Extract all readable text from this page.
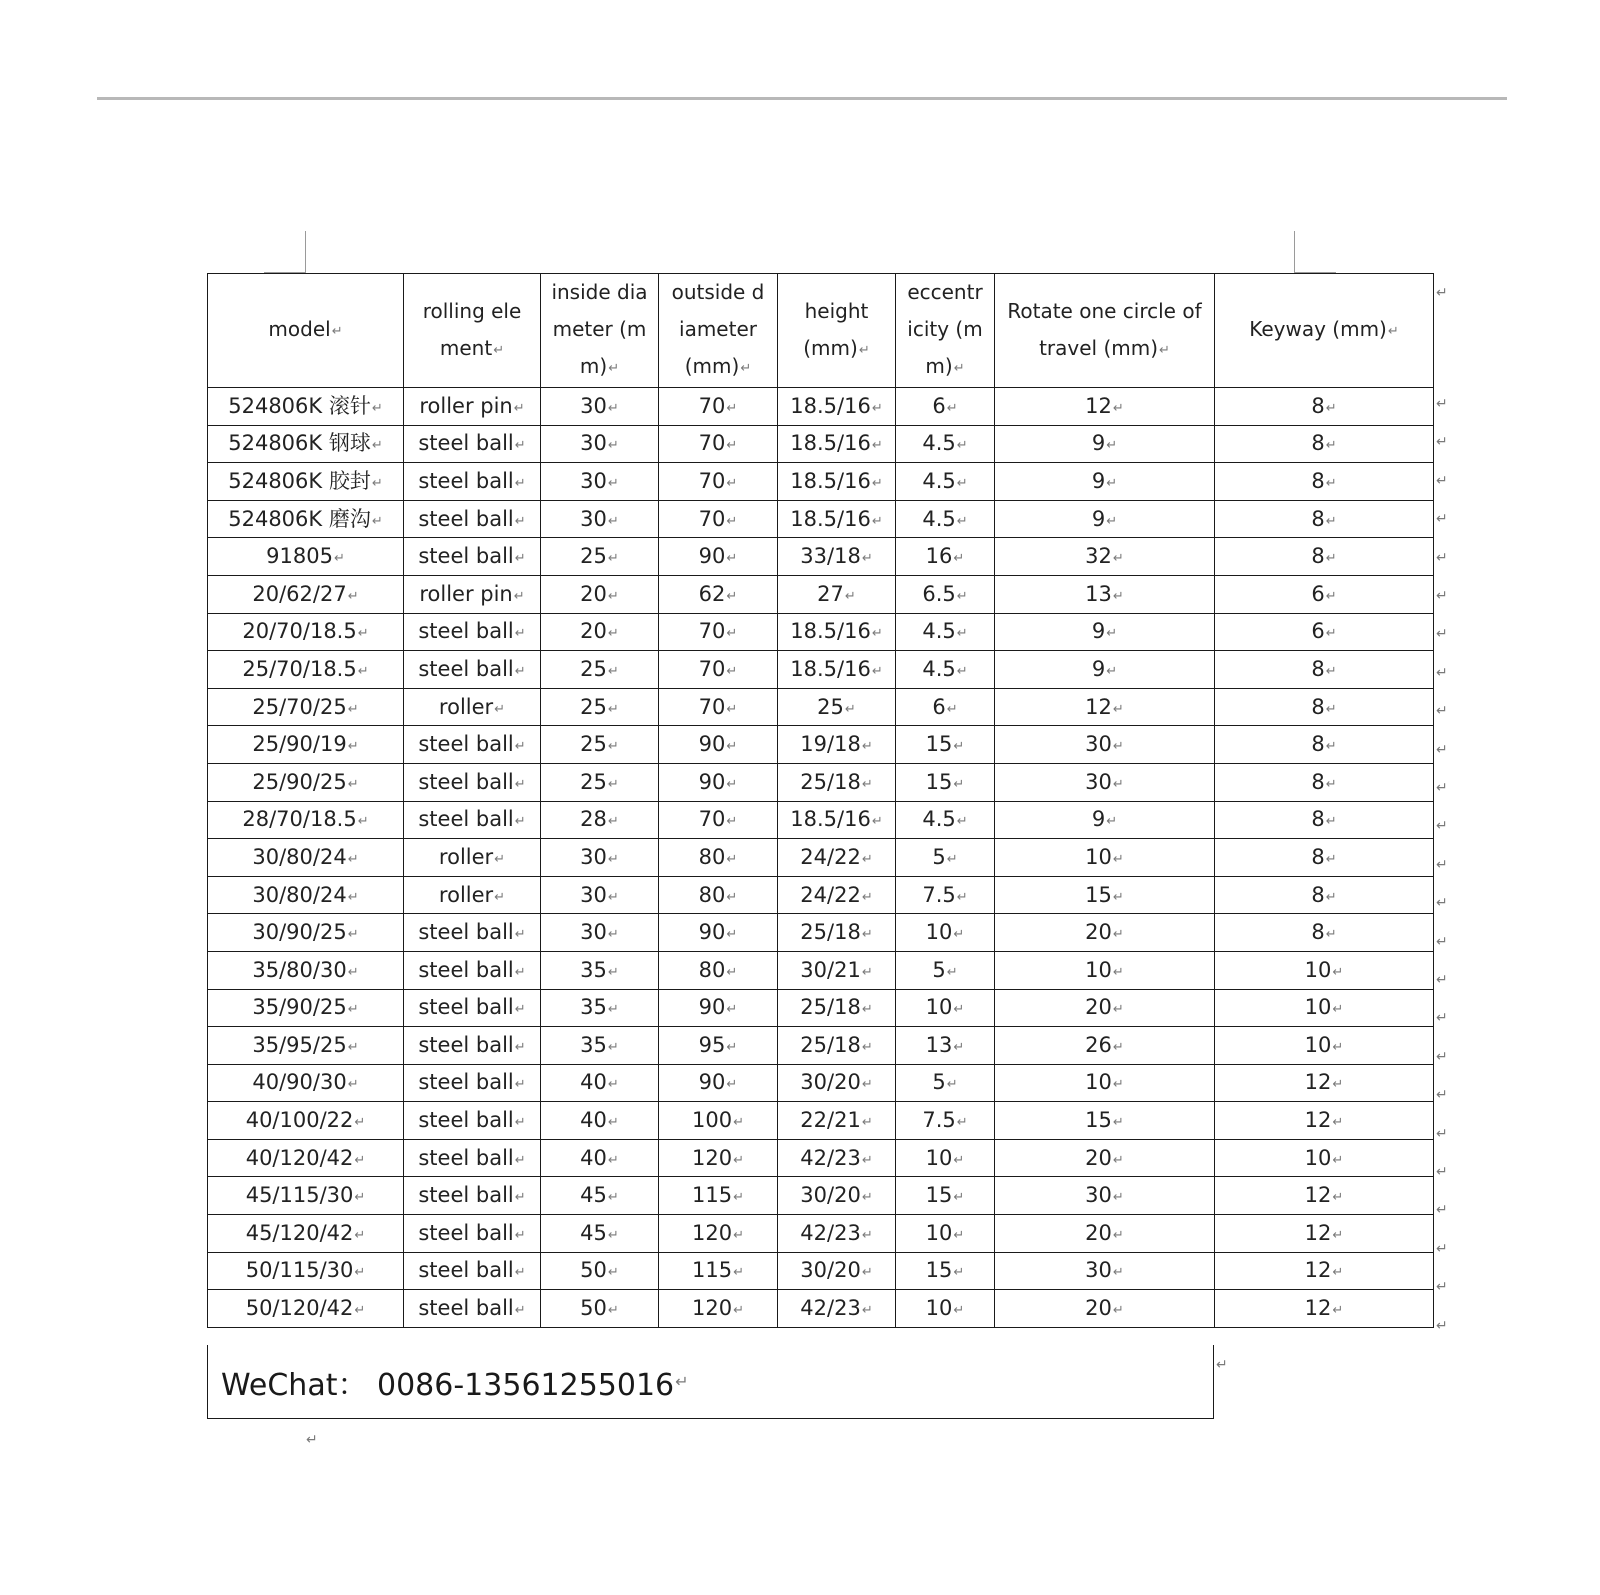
model↵	rolling element↵	inside diameter (mm)↵	outside diameter (mm)↵	height (mm)↵	eccentricity (mm)↵	Rotate one circle of travel (mm)↵	Keyway (mm)↵
524806K 滚针↵	roller pin↵	30↵	70↵	18.5/16↵	6↵	12↵	8↵
524806K 钢球↵	steel ball↵	30↵	70↵	18.5/16↵	4.5↵	9↵	8↵
524806K 胶封↵	steel ball↵	30↵	70↵	18.5/16↵	4.5↵	9↵	8↵
524806K 磨沟↵	steel ball↵	30↵	70↵	18.5/16↵	4.5↵	9↵	8↵
91805↵	steel ball↵	25↵	90↵	33/18↵	16↵	32↵	8↵
20/62/27↵	roller pin↵	20↵	62↵	27↵	6.5↵	13↵	6↵
20/70/18.5↵	steel ball↵	20↵	70↵	18.5/16↵	4.5↵	9↵	6↵
25/70/18.5↵	steel ball↵	25↵	70↵	18.5/16↵	4.5↵	9↵	8↵
25/70/25↵	roller↵	25↵	70↵	25↵	6↵	12↵	8↵
25/90/19↵	steel ball↵	25↵	90↵	19/18↵	15↵	30↵	8↵
25/90/25↵	steel ball↵	25↵	90↵	25/18↵	15↵	30↵	8↵
28/70/18.5↵	steel ball↵	28↵	70↵	18.5/16↵	4.5↵	9↵	8↵
30/80/24↵	roller↵	30↵	80↵	24/22↵	5↵	10↵	8↵
30/80/24↵	roller↵	30↵	80↵	24/22↵	7.5↵	15↵	8↵
30/90/25↵	steel ball↵	30↵	90↵	25/18↵	10↵	20↵	8↵
35/80/30↵	steel ball↵	35↵	80↵	30/21↵	5↵	10↵	10↵
35/90/25↵	steel ball↵	35↵	90↵	25/18↵	10↵	20↵	10↵
35/95/25↵	steel ball↵	35↵	95↵	25/18↵	13↵	26↵	10↵
40/90/30↵	steel ball↵	40↵	90↵	30/20↵	5↵	10↵	12↵
40/100/22↵	steel ball↵	40↵	100↵	22/21↵	7.5↵	15↵	12↵
40/120/42↵	steel ball↵	40↵	120↵	42/23↵	10↵	20↵	10↵
45/115/30↵	steel ball↵	45↵	115↵	30/20↵	15↵	30↵	12↵
45/120/42↵	steel ball↵	45↵	120↵	42/23↵	10↵	20↵	12↵
50/115/30↵	steel ball↵	50↵	115↵	30/20↵	15↵	30↵	12↵
50/120/42↵	steel ball↵	50↵	120↵	42/23↵	10↵	20↵	12↵
↵
↵
↵
↵
↵
↵
↵
↵
↵
↵
↵
↵
↵
↵
↵
↵
↵
↵
↵
↵
↵
↵
↵
↵
↵
↵
WeChat： 0086-13561255016 ↵
↵
↵
